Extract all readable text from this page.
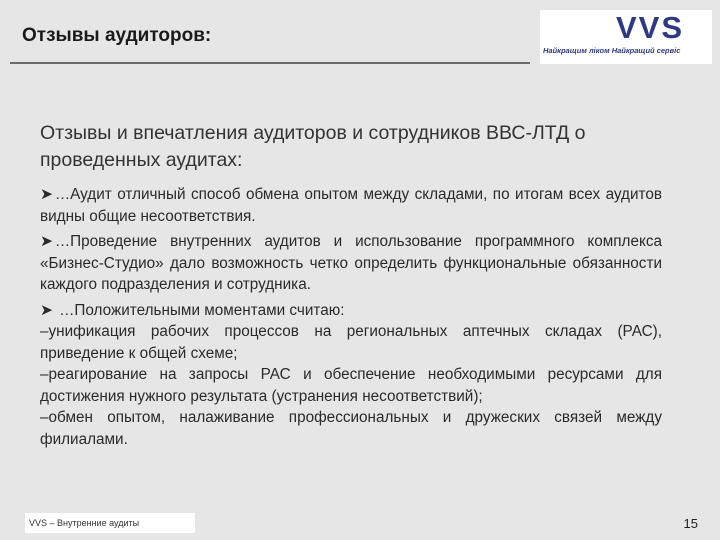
Отзывы аудиторов:	VVS
Найкращим ліком Найкращий сервіс

Отзывы и впечатления аудиторов и сотрудников ВВС-ЛТД о проведенных аудитах:

➤ …Аудит отличный способ обмена опытом между складами, по итогам всех аудитов видны общие несоответствия.

➤ …Проведение внутренних аудитов и использование программного комплекса «Бизнес-Студио» дало возможность четко определить функциональные обязанности каждого подразделения и сотрудника.

➤ …Положительными моментами считаю:

–унификация рабочих процессов на региональных аптечных складах (РАС), приведение к общей схеме;

–реагирование на запросы РАС и обеспечение необходимыми ресурсами для достижения нужного результата (устранения несоответствий);

–обмен опытом, налаживание профессиональных и дружеских связей между филиалами.

VVS – Внутренние аудиты	15
